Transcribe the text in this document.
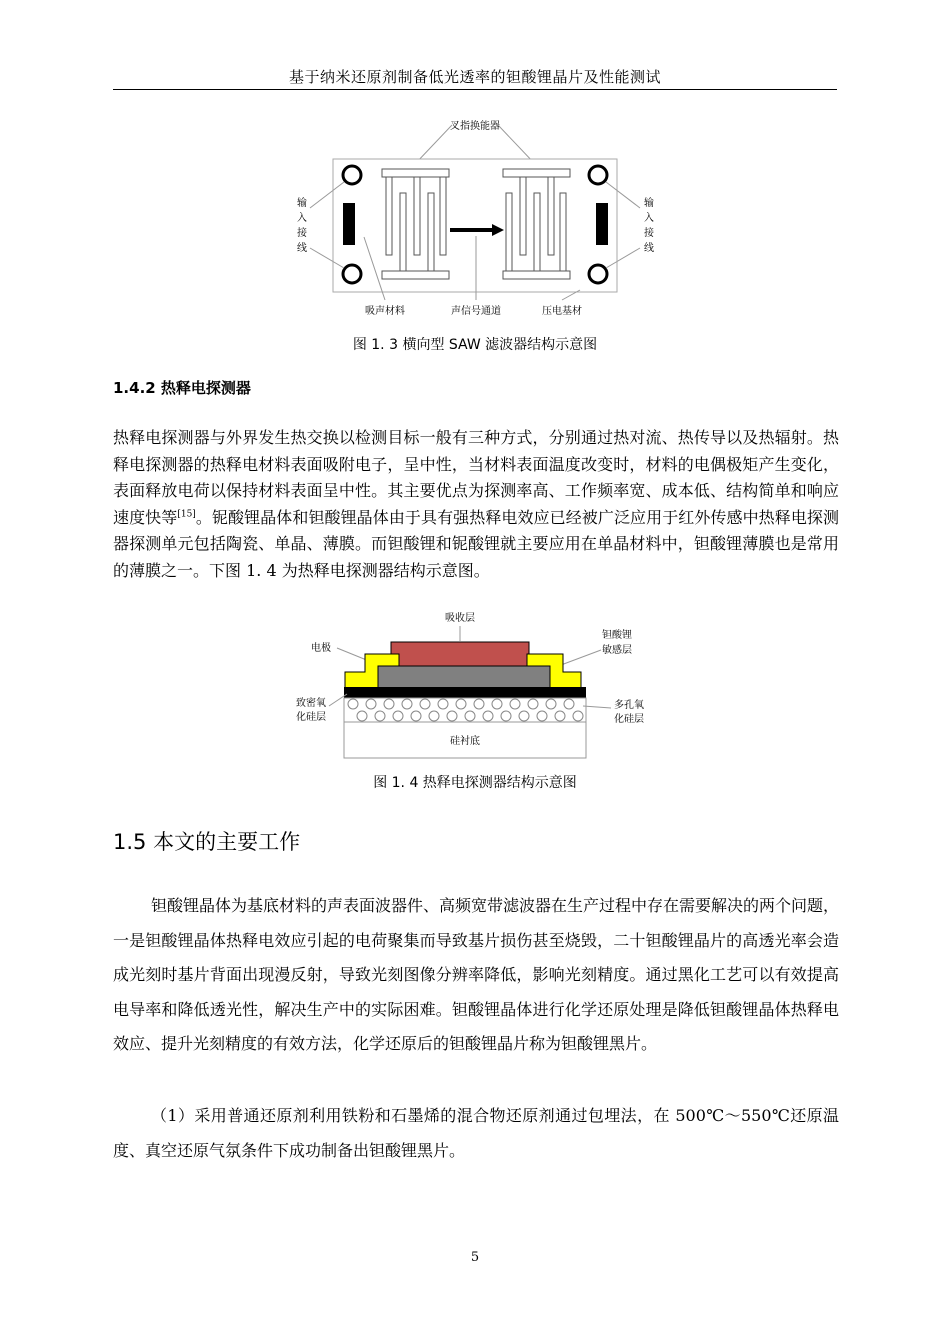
基于纳米还原剂制备低光透率的钽酸锂晶片及性能测试
叉指换能器
输
入
接
线
输
入
接
线
吸声材料	声信号通道	压电基材
图 1. 3 横向型 SAW 滤波器结构示意图
1.4.2 热释电探测器
热释电探测器与外界发生热交换以检测目标一般有三种方式，分别通过热对流、热传导以及热辐射。热释电探测器的热释电材料表面吸附电子，呈中性，当材料表面温度改变时，材料的电偶极矩产生变化，表面释放电荷以保持材料表面呈中性。其主要优点为探测率高、工作频率宽、成本低、结构简单和响应速度快等[15]。铌酸锂晶体和钽酸锂晶体由于具有强热释电效应已经被广泛应用于红外传感中热释电探测器探测单元包括陶瓷、单晶、薄膜。而钽酸锂和铌酸锂就主要应用在单晶材料中，钽酸锂薄膜也是常用的薄膜之一。下图 1. 4 为热释电探测器结构示意图。
吸收层
电极
钽酸锂
敏感层
硅衬底
致密氧
化硅层
多孔氧
化硅层
图 1. 4 热释电探测器结构示意图
1.5 本文的主要工作
钽酸锂晶体为基底材料的声表面波器件、高频宽带滤波器在生产过程中存在需要解决的两个问题，一是钽酸锂晶体热释电效应引起的电荷聚集而导致基片损伤甚至烧毁，二十钽酸锂晶片的高透光率会造成光刻时基片背面出现漫反射，导致光刻图像分辨率降低，影响光刻精度。通过黑化工艺可以有效提高电导率和降低透光性，解决生产中的实际困难。钽酸锂晶体进行化学还原处理是降低钽酸锂晶体热释电效应、提升光刻精度的有效方法，化学还原后的钽酸锂晶片称为钽酸锂黑片。
（1）采用普通还原剂利用铁粉和石墨烯的混合物还原剂通过包埋法，在 500℃～550℃还原温度、真空还原气氛条件下成功制备出钽酸锂黑片。
5
